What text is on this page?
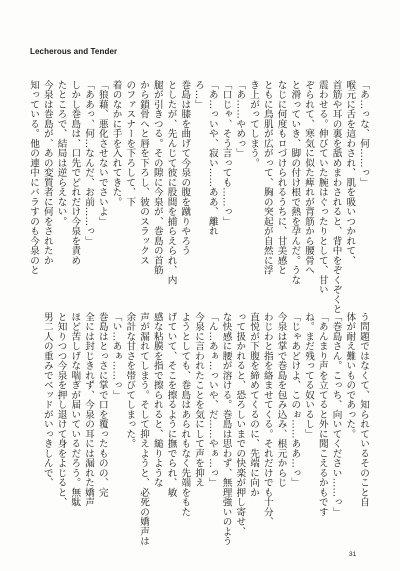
Lecherous and Tender
「あ…っな、何……っ」
喉元に舌を這わされ、肌を吸いつかれて、
首筋や耳の裏を舐めまわされると、背中をぞくぞくと
震わせる。伸びていた腕はぐったりとして、甘い
ぞられて、寒気に似た痺れが背筋から腰骨へ
と滑っていき、脚の付け根で熱を孕んだ。うな
なじに何度もロづけられるうちに、甘美感と
ともに鳥肌が広がって、胸の突起が自然に浮
き上がってしまう。
「あ……やめっ」
「口じゃ、そう言っても……っ」
「あ…っいや、寂い……ああ、離れ
ろ…」
巻島は膝を曲げて今泉の腹を蹴りやろう
としたが、先んじて彼に股間を捕らえられ、内
腿が引きつる。その隙に今泉が、巻島の首筋
から鎖骨へと唇を下ろし、彼のスラックス
のファスナーを下ろして、下
着のなかに手を入れてきた。
「狼藉、悪化させないでさいよ」
「ああっ、何…なんだ、お前……っ」
しかし巻島は、口先でどれだけ今泉を責め
たところで、結局は逆らえない。
今泉は巻島が、あの変質者に何をされたか
知っている。他の連中にバラすのも今泉のと
う問題ではなくて、知られているそのこと自
体が耐え難いものであった。
「巻島さん。こっち、向いてください……っ」
「あんまり声を立てると外に聞こえるかもです
ね。まだ残ってる奴いるし」
「じゃあどけよ、このぉ……ああ…っ」
今泉は掌で巻島を包み込み、根元からじ
わじわと指を絡ませてくる。それだけでも十分、
直悦が下腹を締めてくるのに、先端に向か
って扱かれると、恐ろしいまでの快楽が押し寄せ、
な快感に腰が溶ける。巻島は思わず、無理強いのよう
「ん…あぁ…っいや、だ……やぁ…っ」
今泉に言われたことを気にして声を抑え
ようとしても、巻島はあられもなく先端をもた
げていて、そこを擦るように撫でられ、敏
感な粘膜を指で擦られると、縋りような
声が漏れてしまう。そして抑えようと、必死の嬌声は
余計な甘さを帯びてしまった。
「い…あぁ……っ」
巻島はとっさに掌で口を覆ったものの、完
全には封じきれず、今泉の耳には漏れた嬌声
ほど苦しげな喘ぎが届いているだろう。無駄
と知りつつ今泉を押し退けて身をよじると、
男二人の重みでベッドがいっきしんで、
31
